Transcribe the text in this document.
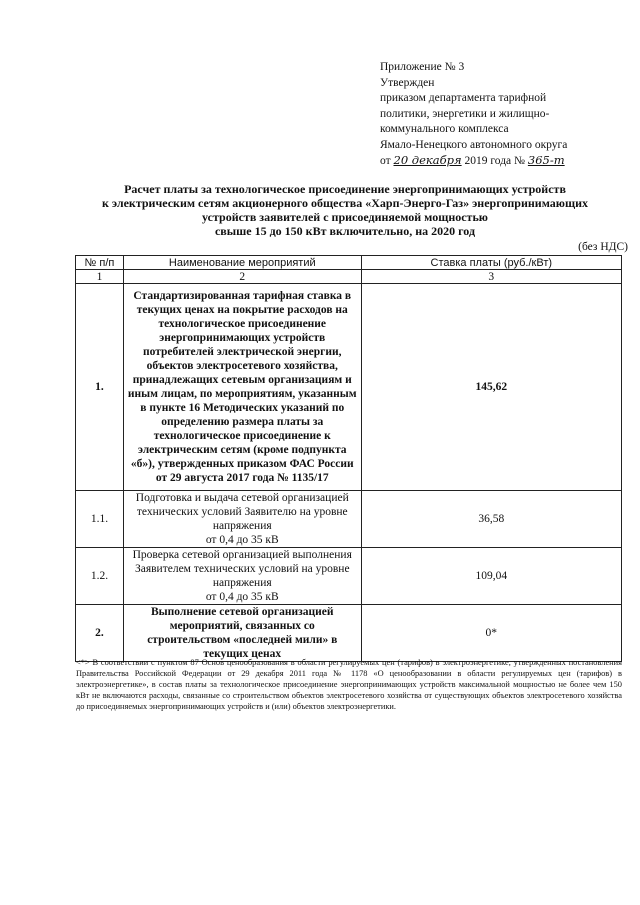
Приложение № 3
Утвержден
приказом департамента тарифной
политики, энергетики и жилищно-
коммунального комплекса
Ямало-Ненецкого автономного округа
от 20 декабря 2019 года № 365-т
Расчет платы за технологическое присоединение энергопринимающих устройств
к электрическим сетям акционерного общества «Харп-Энерго-Газ» энергопринимающих
устройств заявителей с присоединяемой мощностью
свыше 15 до 150 кВт включительно, на 2020 год
(без НДС)
№ п/п	Наименование мероприятий	Ставка платы (руб./кВт)
1	2	3
1.	Стандартизированная тарифная ставка в текущих ценах на покрытие расходов на технологическое присоединение энергопринимающих устройств потребителей электрической энергии, объектов электросетевого хозяйства, принадлежащих сетевым организациям и иным лицам, по мероприятиям, указанным в пункте 16 Методических указаний по определению размера платы за технологическое присоединение к электрическим сетям (кроме подпункта «б»), утвержденных приказом ФАС России от 29 августа 2017 года № 1135/17	145,62
1.1.	Подготовка и выдача сетевой организацией технических условий Заявителю на уровне напряжения
от 0,4 до 35 кВ	36,58
1.2.	Проверка сетевой организацией выполнения Заявителем технических условий на уровне напряжения
от 0,4 до 35 кВ	109,04
2.	Выполнение сетевой организацией мероприятий, связанных со строительством «последней мили» в текущих ценах	0*
<*> В соответствии с пунктом 87 Основ ценообразования в области регулируемых цен (тарифов) в электроэнергетике, утвержденных постановления Правительства Российской Федерации от 29 декабря 2011 года № 1178 «О ценообразовании в области регулируемых цен (тарифов) в электроэнергетике», в состав платы за технологическое присоединение энергопринимающих устройств максимальной мощностью не более чем 150 кВт не включаются расходы, связанные со строительством объектов электросетевого хозяйства от существующих объектов электросетевого хозяйства до присоединяемых энергопринимающих устройств и (или) объектов электроэнергетики.
